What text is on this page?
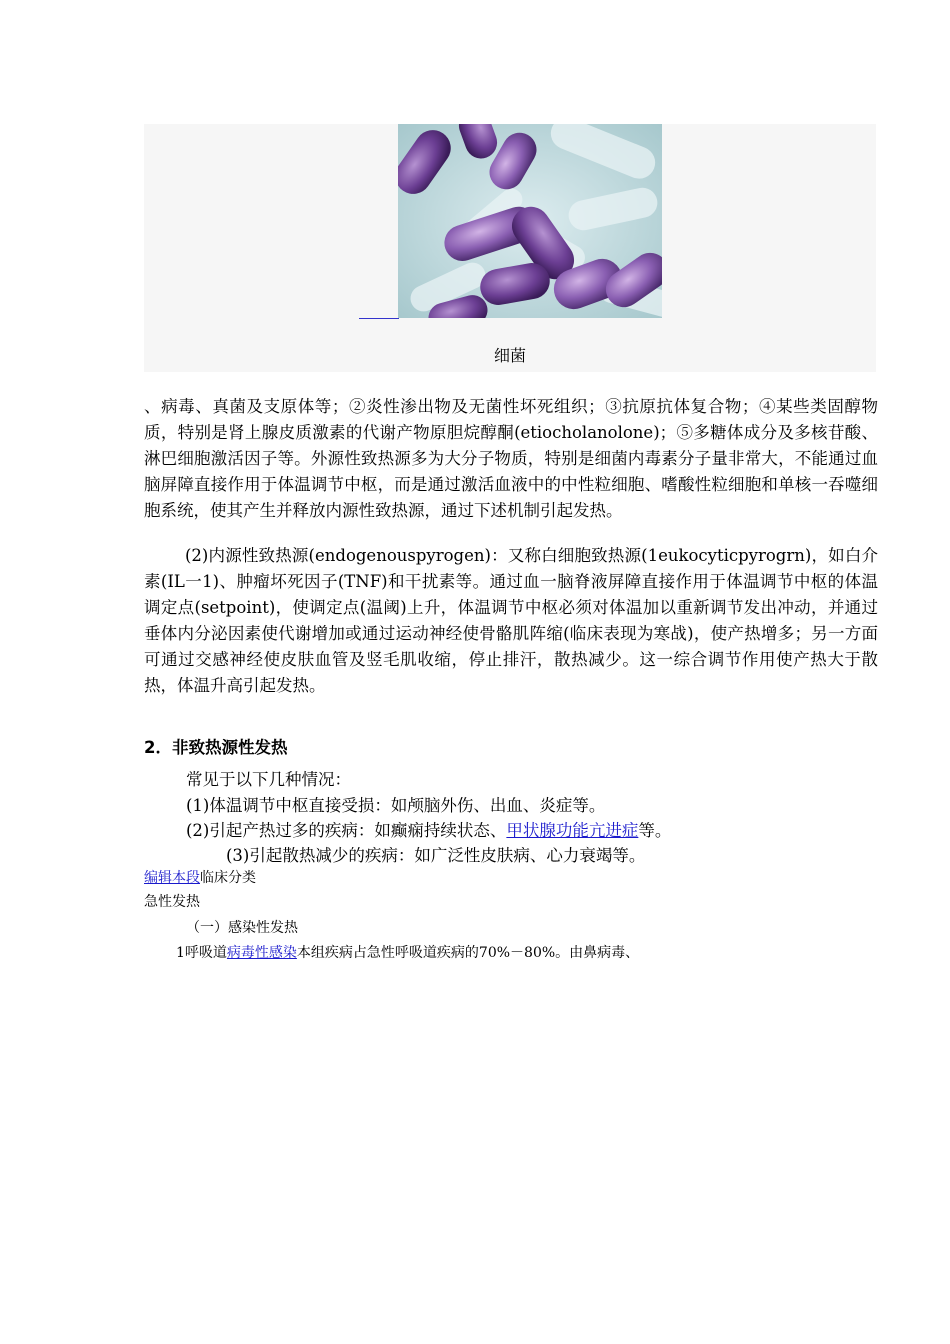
细菌

、病毒、真菌及支原体等；②炎性渗出物及无菌性坏死组织；③抗原抗体复合物；④某些类固醇物质，特别是肾上腺皮质激素的代谢产物原胆烷醇酮(etiocholanolone)；⑤多糖体成分及多核苷酸、淋巴细胞激活因子等。外源性致热源多为大分子物质，特别是细菌内毒素分子量非常大，不能通过血脑屏障直接作用于体温调节中枢，而是通过激活血液中的中性粒细胞、嗜酸性粒细胞和单核一吞噬细胞系统，使其产生并释放内源性致热源，通过下述机制引起发热。

(2)内源性致热源(endogenouspyrogen)：又称白细胞致热源(1eukocyticpyrogrn)，如白介素(IL一1)、肿瘤坏死因子(TNF)和干扰素等。通过血一脑脊液屏障直接作用于体温调节中枢的体温调定点(setpoint)，使调定点(温阈)上升，体温调节中枢必须对体温加以重新调节发出冲动，并通过垂体内分泌因素使代谢增加或通过运动神经使骨骼肌阵缩(临床表现为寒战)，使产热增多；另一方面可通过交感神经使皮肤血管及竖毛肌收缩，停止排汗，散热减少。这一综合调节作用使产热大于散热，体温升高引起发热。

2．非致热源性发热
常见于以下几种情况：
(1)体温调节中枢直接受损：如颅脑外伤、出血、炎症等。
(2)引起产热过多的疾病：如癫痫持续状态、甲状腺功能亢进症等。
(3)引起散热减少的疾病：如广泛性皮肤病、心力衰竭等。
编辑本段临床分类
急性发热
（一）感染性发热
1呼吸道病毒性感染本组疾病占急性呼吸道疾病的70%－80%。由鼻病毒、
